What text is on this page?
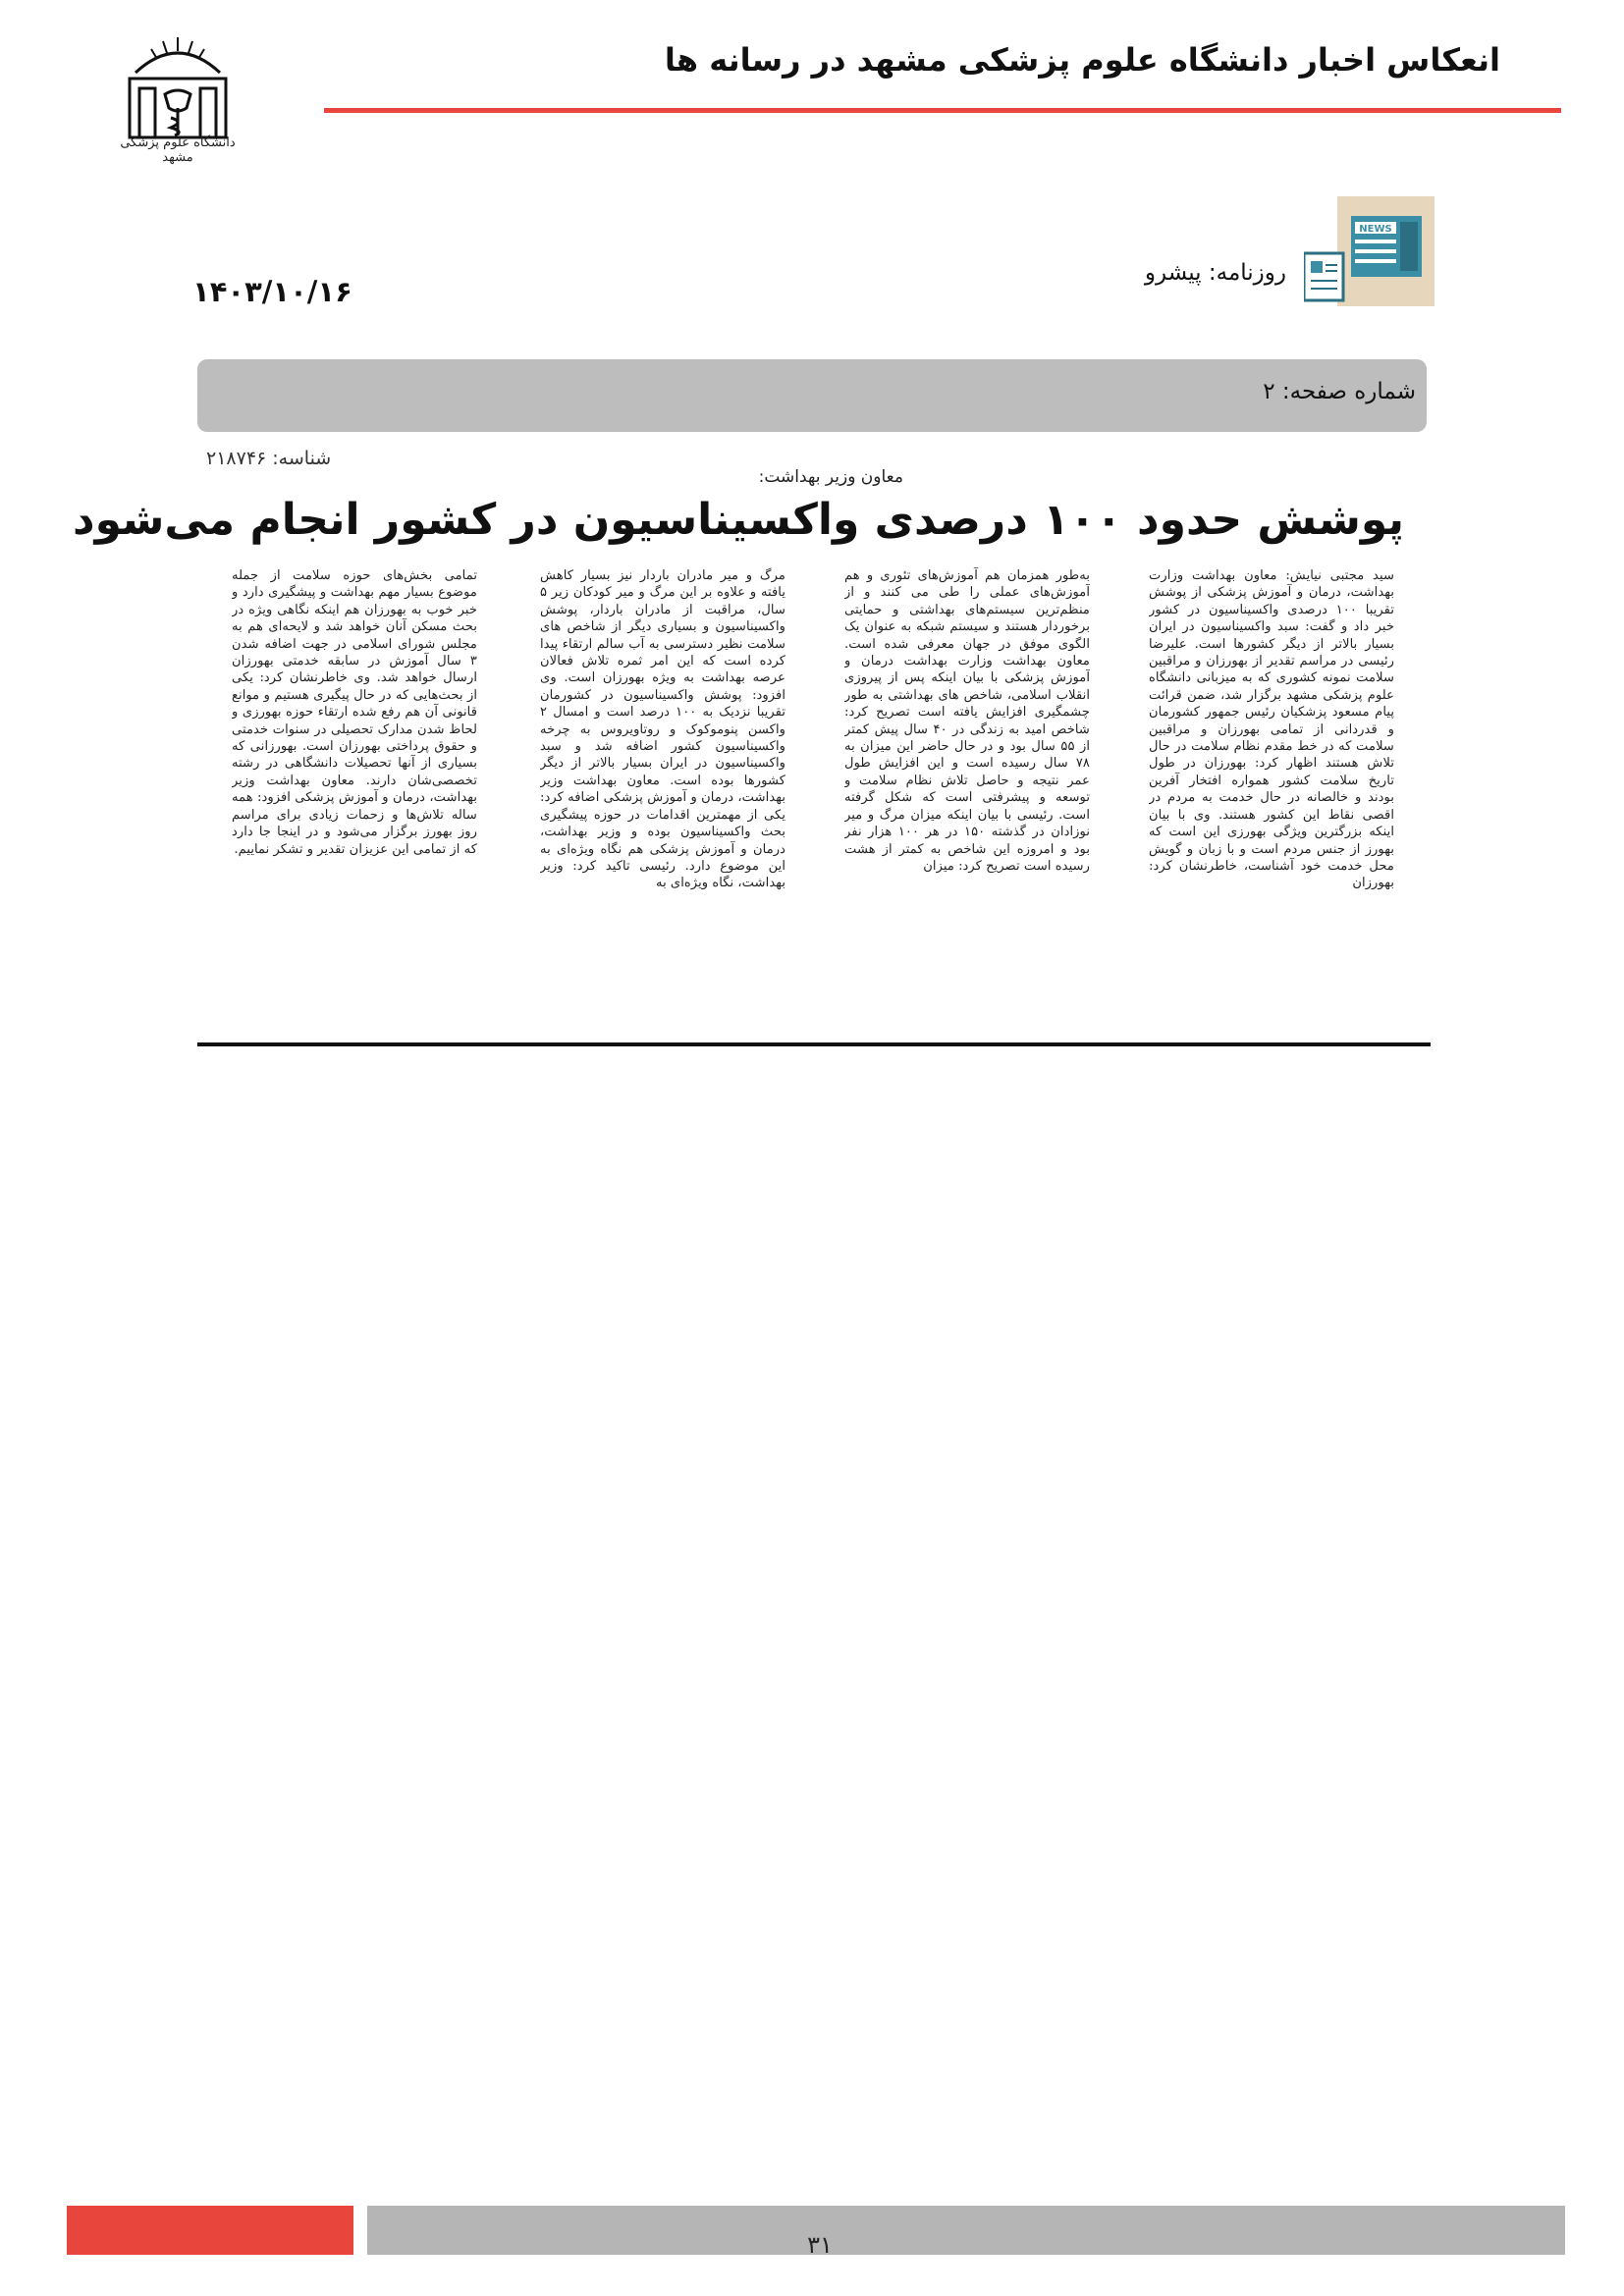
انعکاس اخبار دانشگاه علوم پزشکی مشهد در رسانه ها
دانشگاه علوم پزشکی مشهد
NEWS
روزنامه: پیشرو
۱۴۰۳/۱۰/۱۶
شماره صفحه: ۲
شناسه: ۲۱۸۷۴۶
معاون وزیر بهداشت:
پوشش حدود ۱۰۰ درصدی واکسیناسیون در کشور انجام می‌شود
سید مجتبی نیایش: معاون بهداشت وزارت بهداشت، درمان و آموزش پزشکی از پوشش تقریبا ۱۰۰ درصدی واکسیناسیون در کشور خبر داد و گفت: سبد واکسیناسیون در ایران بسیار بالاتر از دیگر کشورها است. علیرضا رئیسی در مراسم تقدیر از بهورزان و مراقبین سلامت نمونه کشوری که به میزبانی دانشگاه علوم پزشکی مشهد برگزار شد، ضمن قرائت پیام مسعود پزشکیان رئیس جمهور کشورمان و قدردانی از تمامی بهورزان و مراقبین سلامت که در خط مقدم نظام سلامت در حال تلاش هستند اظهار کرد: بهورزان در طول تاریخ سلامت کشور همواره افتخار آفرین بودند و خالصانه در حال خدمت به مردم در اقصی نقاط این کشور هستند. وی با بیان اینکه بزرگترین ویژگی بهورزی این است که بهورز از جنس مردم است و با زبان و گویش محل خدمت خود آشناست، خاطرنشان کرد: بهورزان
به‌طور همزمان هم آموزش‌های تئوری و هم آموزش‌های عملی را طی می کنند و از منظم‌ترین سیستم‌های بهداشتی و حمایتی برخوردار هستند و سیستم شبکه به عنوان یک الگوی موفق در جهان معرفی شده است. معاون بهداشت وزارت بهداشت درمان و آموزش پزشکی با بیان اینکه پس از پیروزی انقلاب اسلامی، شاخص های بهداشتی به طور چشمگیری افزایش یافته است تصریح کرد: شاخص امید به زندگی در ۴۰ سال پیش کمتر از ۵۵ سال بود و در حال حاضر این میزان به ۷۸ سال رسیده است و این افزایش طول عمر نتیجه و حاصل تلاش نظام سلامت و توسعه و پیشرفتی است که شکل گرفته است. رئیسی با بیان اینکه میزان مرگ و میر نوزادان در گذشته ۱۵۰ در هر ۱۰۰ هزار نفر بود و امروزه این شاخص به کمتر از هشت رسیده است تصریح کرد: میزان
مرگ و میر مادران باردار نیز بسیار کاهش یافته و علاوه بر این مرگ و میر کودکان زیر ۵ سال، مراقبت از مادران باردار، پوشش واکسیناسیون و بسیاری دیگر از شاخص های سلامت نظیر دسترسی به آب سالم ارتقاء پیدا کرده است که این امر ثمره تلاش فعالان عرصه بهداشت به ویژه بهورزان است. وی افزود: پوشش واکسیناسیون در کشورمان تقریبا نزدیک به ۱۰۰ درصد است و امسال ۲ واکسن پنوموکوک و روتاویروس به چرخه واکسیناسیون کشور اضافه شد و سبد واکسیناسیون در ایران بسیار بالاتر از دیگر کشورها بوده است. معاون بهداشت وزیر بهداشت، درمان و آموزش پزشکی اضافه کرد: یکی از مهمترین اقدامات در حوزه پیشگیری بحث واکسیناسیون بوده و وزیر بهداشت، درمان و آموزش پزشکی هم نگاه ویژه‌ای به این موضوع دارد. رئیسی تاکید کرد: وزیر بهداشت، نگاه ویژه‌ای به
تمامی بخش‌های حوزه سلامت از جمله موضوع بسیار مهم بهداشت و پیشگیری دارد و خبر خوب به بهورزان هم اینکه نگاهی ویژه در بحث مسکن آنان خواهد شد و لایحه‌ای هم به مجلس شورای اسلامی در جهت اضافه شدن ۳ سال آموزش در سابقه خدمتی بهورزان ارسال خواهد شد. وی خاطرنشان کرد: یکی از بحث‌هایی که در حال پیگیری هستیم و موانع قانونی آن هم رفع شده ارتقاء حوزه بهورزی و لحاظ شدن مدارک تحصیلی در سنوات خدمتی و حقوق پرداختی بهورزان است. بهورزانی که بسیاری از آنها تحصیلات دانشگاهی در رشته تخصصی‌شان دارند. معاون بهداشت وزیر بهداشت، درمان و آموزش پزشکی افزود: همه ساله تلاش‌ها و زحمات زیادی برای مراسم روز بهورز برگزار می‌شود و در اینجا جا دارد که از تمامی این عزیزان تقدیر و تشکر نماییم.
۳۱
